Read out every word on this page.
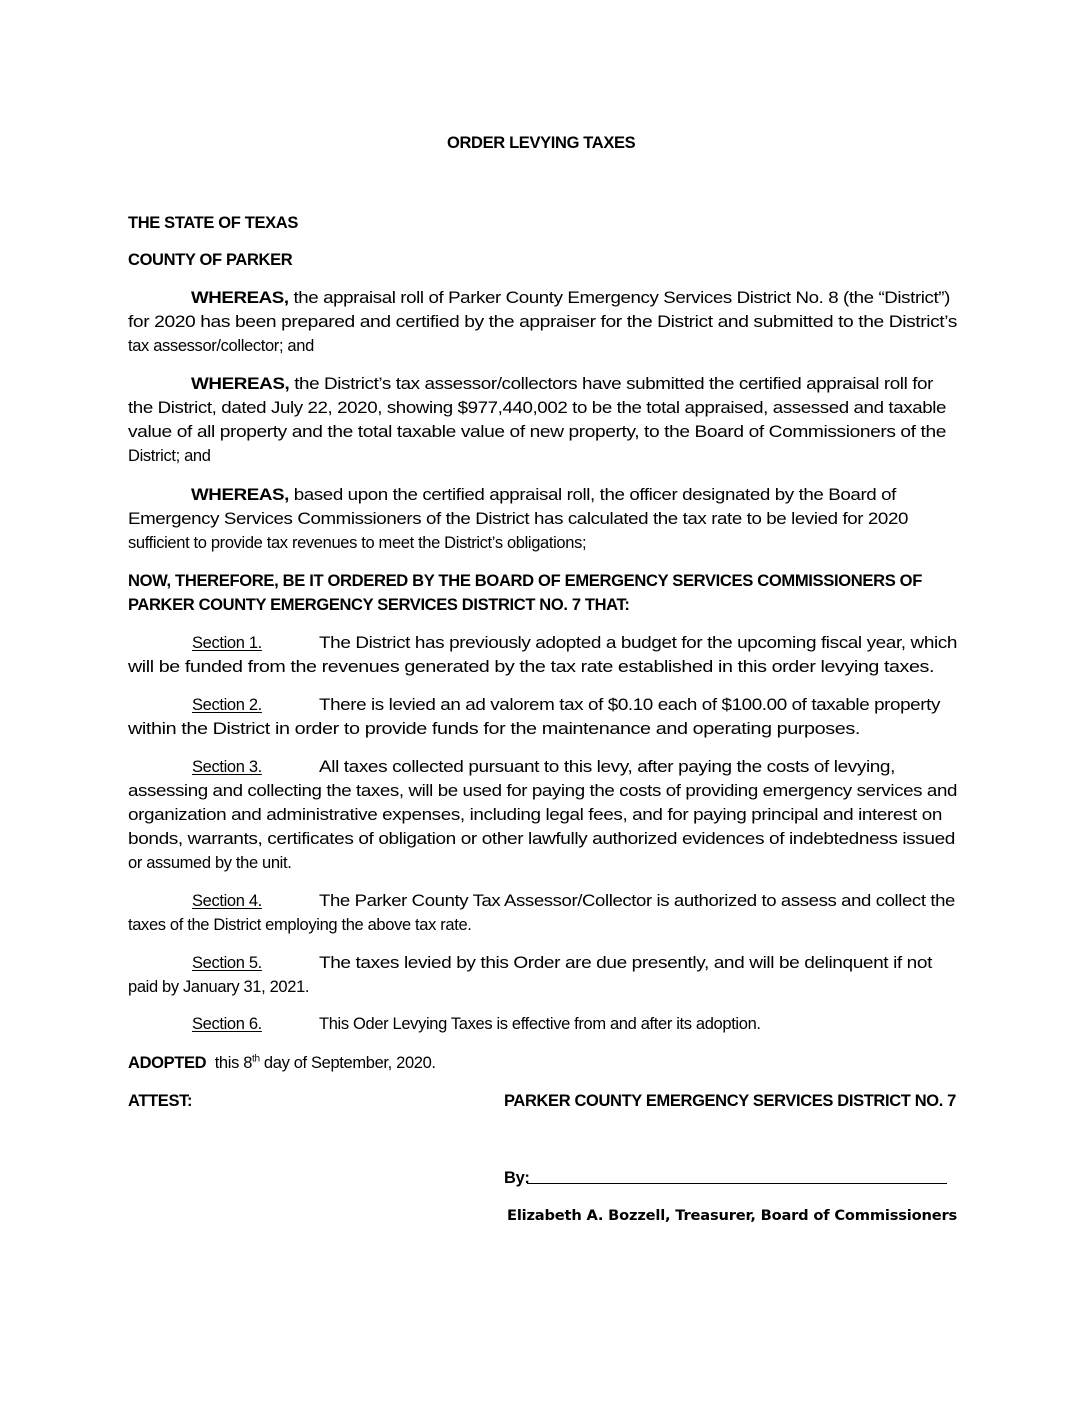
ORDER LEVYING TAXES
THE STATE OF TEXAS
COUNTY OF PARKER
WHEREAS, the appraisal roll of Parker County Emergency Services District No. 8 (the “District”)
for 2020 has been prepared and certified by the appraiser for the District and submitted to the District’s
tax assessor/collector; and
WHEREAS, the District’s tax assessor/collectors have submitted the certified appraisal roll for
the District, dated July 22, 2020, showing $977,440,002 to be the total appraised, assessed and taxable
value of all property and the total taxable value of new property, to the Board of Commissioners of the
District; and
WHEREAS, based upon the certified appraisal roll, the officer designated by the Board of
Emergency Services Commissioners of the District has calculated the tax rate to be levied for 2020
sufficient to provide tax revenues to meet the District’s obligations;
NOW, THEREFORE, BE IT ORDERED BY THE BOARD OF EMERGENCY SERVICES COMMISSIONERS OF
PARKER COUNTY EMERGENCY SERVICES DISTRICT NO. 7 THAT:
Section 1.	The District has previously adopted a budget for the upcoming fiscal year, which
will be funded from the revenues generated by the tax rate established in this order levying taxes.
Section 2.	There is levied an ad valorem tax of $0.10 each of $100.00 of taxable property
within the District in order to provide funds for the maintenance and operating purposes.
Section 3.	All taxes collected pursuant to this levy, after paying the costs of levying,
assessing and collecting the taxes, will be used for paying the costs of providing emergency services and
organization and administrative expenses, including legal fees, and for paying principal and interest on
bonds, warrants, certificates of obligation or other lawfully authorized evidences of indebtedness issued
or assumed by the unit.
Section 4.	The Parker County Tax Assessor/Collector is authorized to assess and collect the
taxes of the District employing the above tax rate.
Section 5.	The taxes levied by this Order are due presently, and will be delinquent if not
paid by January 31, 2021.
Section 6.	This Oder Levying Taxes is effective from and after its adoption.
ADOPTED  this 8th day of September, 2020.
ATTEST:	PARKER COUNTY EMERGENCY SERVICES DISTRICT NO. 7
By:
Elizabeth A. Bozzell, Treasurer, Board of Commissioners
